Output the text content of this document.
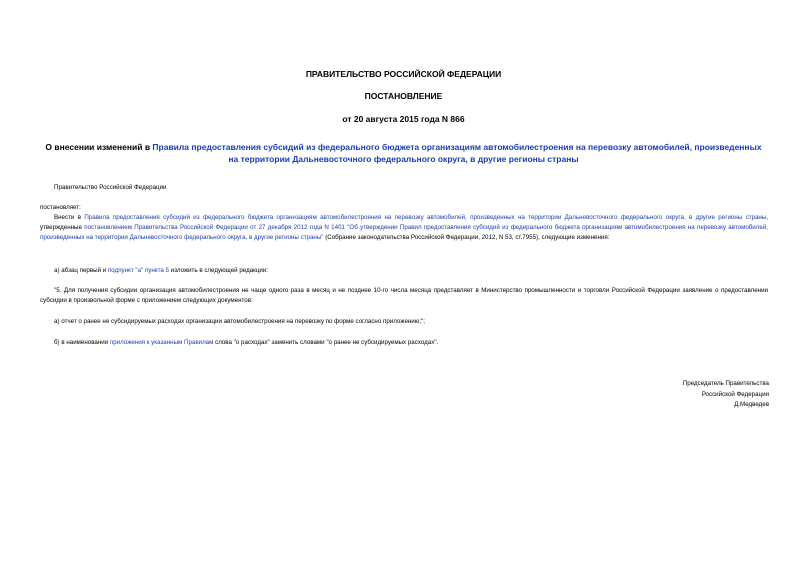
ПРАВИТЕЛЬСТВО РОССИЙСКОЙ ФЕДЕРАЦИИ
ПОСТАНОВЛЕНИЕ
от 20 августа 2015 года N 866
О внесении изменений в Правила предоставления субсидий из федерального бюджета организациям автомобилестроения на перевозку автомобилей, произведенных на территории Дальневосточного федерального округа, в другие регионы страны
Правительство Российской Федерации
постановляет:
Внести в Правила предоставления субсидий из федерального бюджета организациям автомобилестроения на перевозку автомобилей, произведенных на территории Дальневосточного федерального округа, в другие регионы страны, утвержденные постановлением Правительства Российской Федерации от 27 декабря 2012 года N 1401 "Об утверждении Правил предоставления субсидий из федерального бюджета организациям автомобилестроения на перевозку автомобилей, произведенных на территории Дальневосточного федерального округа, в другие регионы страны" (Собрание законодательства Российской Федерации, 2012, N 53, ст.7955), следующие изменения:
а) абзац первый и подпункт "а" пункта 5 изложить в следующей редакции:
"5. Для получения субсидии организация автомобилестроения не чаще одного раза в месяц и не позднее 10-го числа месяца представляет в Министерство промышленности и торговли Российской Федерации заявление о предоставлении субсидии в произвольной форме с приложением следующих документов:
а) отчет о ранее не субсидируемых расходах организации автомобилестроения на перевозку по форме согласно приложению;";
б) в наименовании приложения к указанным Правилам слова "о расходах" заменить словами "о ранее не субсидируемых расходах".
Председатель Правительства
Российской Федерации
Д.Медведев
